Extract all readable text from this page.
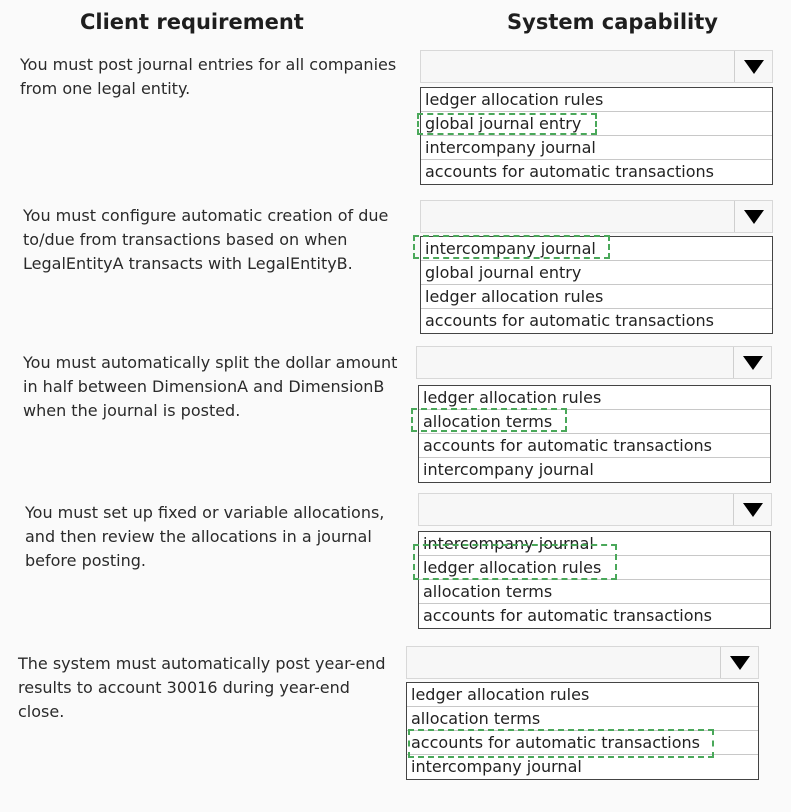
Client requirement	System capability
You must post journal entries for all companies
from one legal entity.
ledger allocation rules
global journal entry
intercompany journal
accounts for automatic transactions
You must configure automatic creation of due
to/due from transactions based on when
LegalEntityA transacts with LegalEntityB.
intercompany journal
global journal entry
ledger allocation rules
accounts for automatic transactions
You must automatically split the dollar amount
in half between DimensionA and DimensionB
when the journal is posted.
ledger allocation rules
allocation terms
accounts for automatic transactions
intercompany journal
You must set up fixed or variable allocations,
and then review the allocations in a journal
before posting.
intercompany journal
ledger allocation rules
allocation terms
accounts for automatic transactions
The system must automatically post year-end
results to account 30016 during year-end
close.
ledger allocation rules
allocation terms
accounts for automatic transactions
intercompany journal
